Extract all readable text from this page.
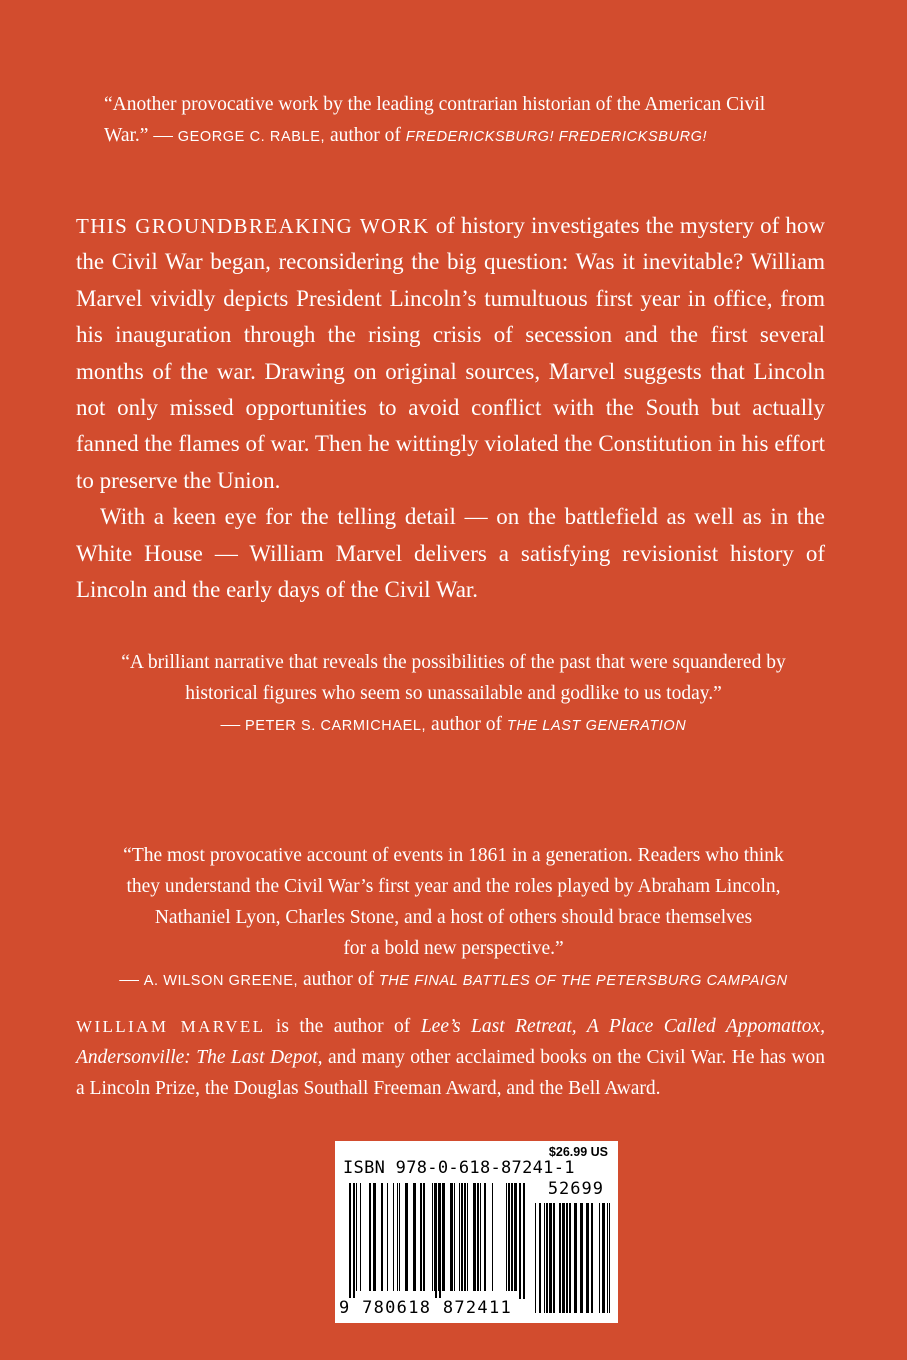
“Another provocative work by the leading contrarian historian of the American Civil War.” — GEORGE C. RABLE, author of FREDERICKSBURG! FREDERICKSBURG!

THIS GROUNDBREAKING WORK of history investigates the mystery of how the Civil War began, reconsidering the big question: Was it inevitable? William Marvel vividly depicts President Lincoln’s tumultuous first year in office, from his inauguration through the rising crisis of secession and the first several months of the war. Drawing on original sources, Marvel suggests that Lincoln not only missed opportunities to avoid conflict with the South but actually fanned the flames of war. Then he wittingly violated the Constitution in his effort to preserve the Union.

With a keen eye for the telling detail — on the battlefield as well as in the White House — William Marvel delivers a satisfying revisionist history of Lincoln and the early days of the Civil War.

“A brilliant narrative that reveals the possibilities of the past that were squandered by
historical figures who seem so unassailable and godlike to us today.”
— PETER S. CARMICHAEL, author of THE LAST GENERATION
“The most provocative account of events in 1861 in a generation. Readers who think
they understand the Civil War’s first year and the roles played by Abraham Lincoln,
Nathaniel Lyon, Charles Stone, and a host of others should brace themselves
for a bold new perspective.”
— A. WILSON GREENE, author of THE FINAL BATTLES OF THE PETERSBURG CAMPAIGN
WILLIAM MARVEL is the author of Lee’s Last Retreat, A Place Called Appomattox, Andersonville: The Last Depot, and many other acclaimed books on the Civil War. He has won a Lincoln Prize, the Douglas Southall Freeman Award, and the Bell Award.
$26.99 US
ISBN 978-0-618-87241-1
52699
9 780618 872411
